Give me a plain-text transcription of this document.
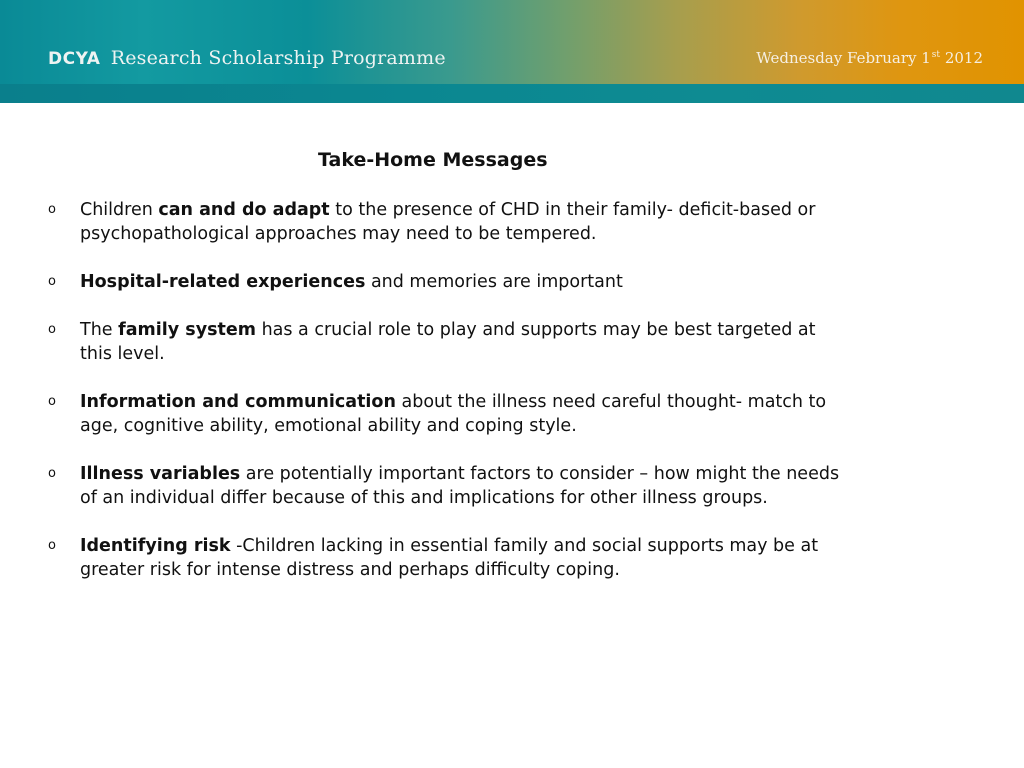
DCYA Research Scholarship Programme	Wednesday February 1st 2012
Take-Home Messages
o Children can and do adapt to the presence of CHD in their family- deficit-based or psychopathological approaches may need to be tempered.
o Hospital-related experiences and memories are important
o The family system has a crucial role to play and supports may be best targeted at this level.
o Information and communication about the illness need careful thought- match to age, cognitive ability, emotional ability and coping style.
o Illness variables are potentially important factors to consider – how might the needs of an individual differ because of this and implications for other illness groups.
o Identifying risk -Children lacking in essential family and social supports may be at greater risk for intense distress and perhaps difficulty coping.
